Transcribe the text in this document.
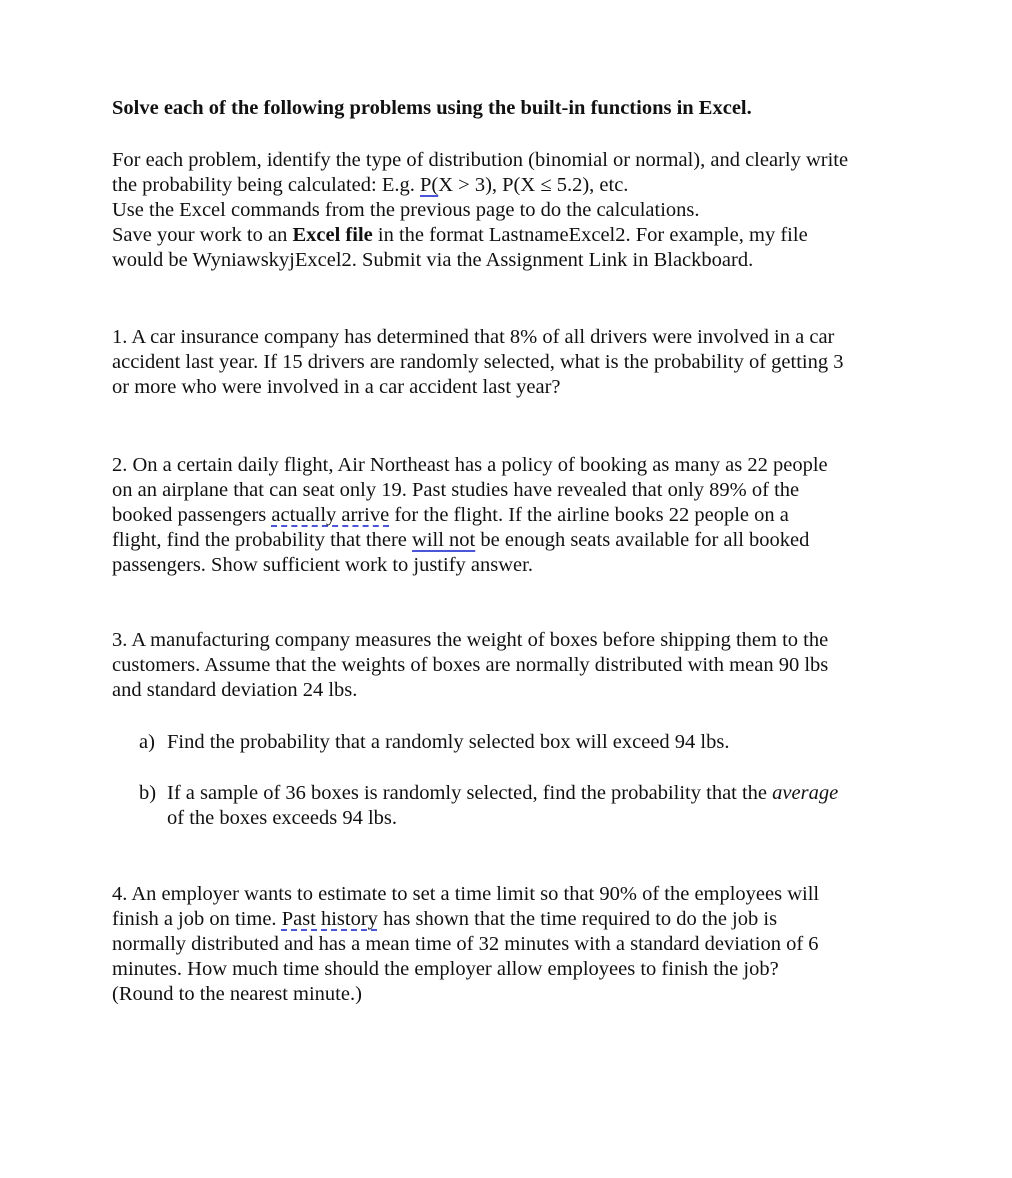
Solve each of the following problems using the built-in functions in Excel.
For each problem, identify the type of distribution (binomial or normal), and clearly write
the probability being calculated: E.g. P(X > 3), P(X ≤ 5.2), etc.
Use the Excel commands from the previous page to do the calculations.
Save your work to an Excel file in the format LastnameExcel2. For example, my file
would be WyniawskyjExcel2. Submit via the Assignment Link in Blackboard.
1. A car insurance company has determined that 8% of all drivers were involved in a car
accident last year. If 15 drivers are randomly selected, what is the probability of getting 3
or more who were involved in a car accident last year?
2. On a certain daily flight, Air Northeast has a policy of booking as many as 22 people
on an airplane that can seat only 19. Past studies have revealed that only 89% of the
booked passengers actually arrive for the flight. If the airline books 22 people on a
flight, find the probability that there will not be enough seats available for all booked
passengers. Show sufficient work to justify answer.
3. A manufacturing company measures the weight of boxes before shipping them to the
customers. Assume that the weights of boxes are normally distributed with mean 90 lbs
and standard deviation 24 lbs.
a) Find the probability that a randomly selected box will exceed 94 lbs.
b) If a sample of 36 boxes is randomly selected, find the probability that the average
of the boxes exceeds 94 lbs.
4. An employer wants to estimate to set a time limit so that 90% of the employees will
finish a job on time. Past history has shown that the time required to do the job is
normally distributed and has a mean time of 32 minutes with a standard deviation of 6
minutes. How much time should the employer allow employees to finish the job?
(Round to the nearest minute.)
